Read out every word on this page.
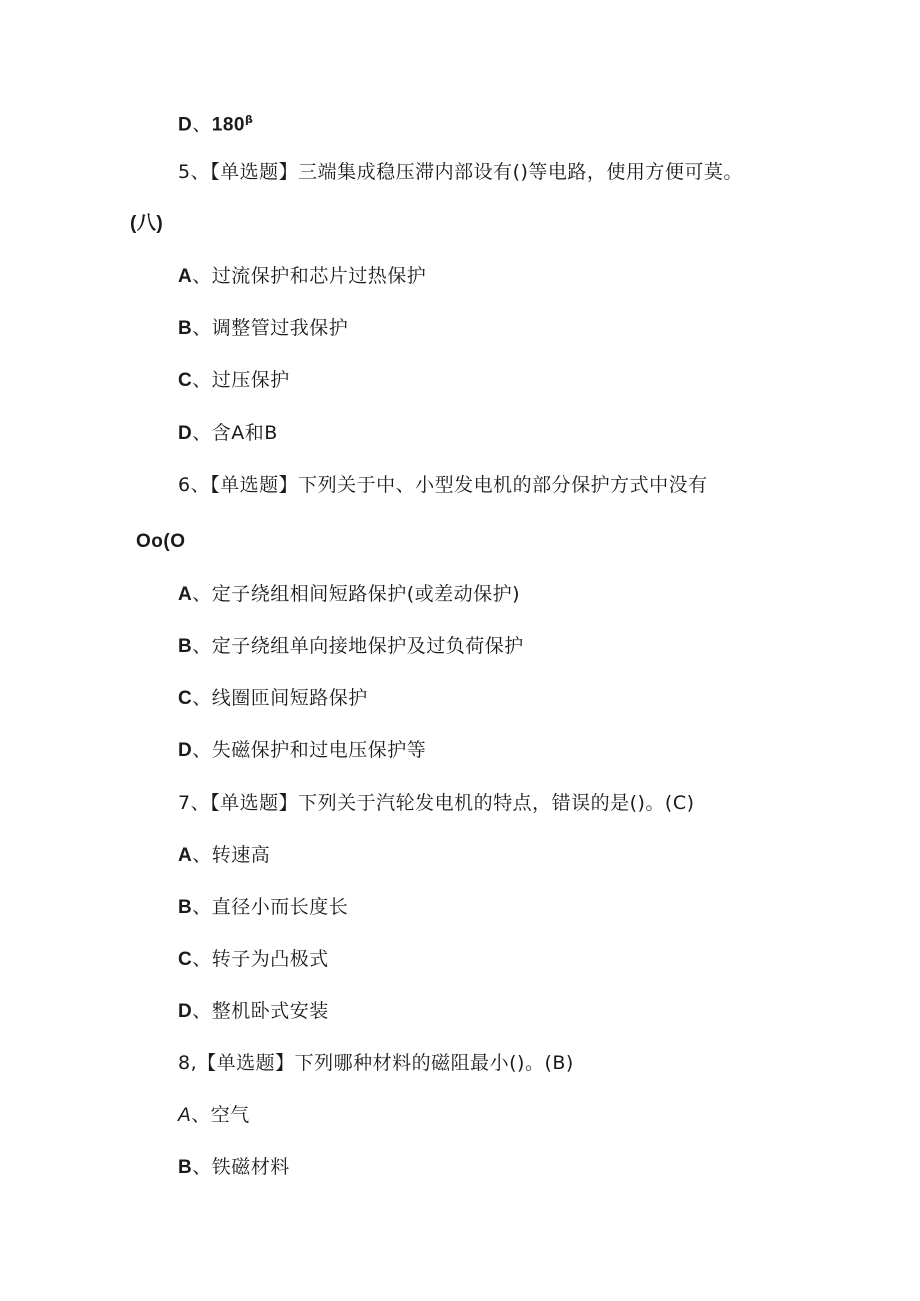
D、$180^\beta$
5、【单选题】三端集成稳压滞内部设有()等电路，使用方便可莫。
(八)
A、过流保护和芯片过热保护
B、调整管过我保护
C、过压保护
D、含A和B
6、【单选题】下列关于中、小型发电机的部分保护方式中没有
Oo(O
A、定子绕组相间短路保护(或差动保护)
B、定子绕组单向接地保护及过负荷保护
C、线圈匝间短路保护
D、失磁保护和过电压保护等
7、【单选题】下列关于汽轮发电机的特点，错误的是()。(C)
A、转速高
B、直径小而长度长
C、转子为凸极式
D、整机卧式安装
8,【单选题】下列哪种材料的磁阻最小()。(B)
A、空气
B、铁磁材料
